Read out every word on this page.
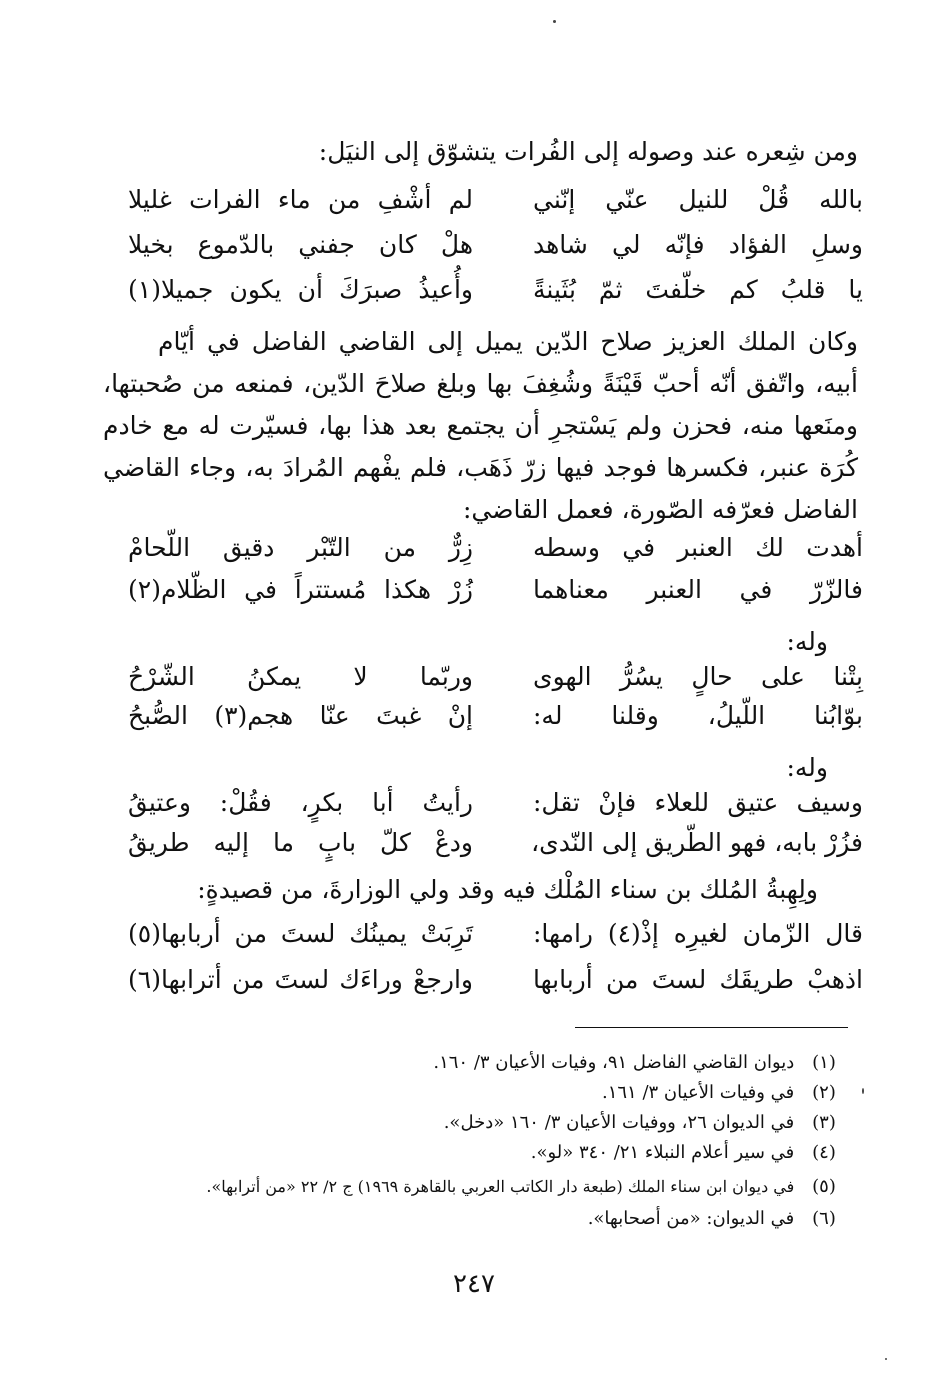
ومن شِعره عند وصوله إلى الفُرات يتشوّق إلى النيَل:
بالله قُلْ للنيل عنّي إنّني
لم أشْفِ من ماء الفرات غليلا
وسلِ الفؤاد فإنّه لي شاهد
هلْ كان جفني بالدّموع بخيلا
يا قلبُ كم خلّفتَ ثمّ بُثَينةً
وأُعيذُ صبرَكَ أن يكون جميلا(١)
وكان الملك العزيز صلاح الدّين يميل إلى القاضي الفاضل في أيّام
أبيه، واتّفق أنّه أحبّ قَيْنَةً وشُغِفَ بها وبلغ صلاحَ الدّين، فمنعه من صُحبتها،
ومنَعها منه، فحزن ولم يَسْتجرِ أن يجتمع بعد هذا بها، فسيّرت له مع خادم
كُرَة عنبر، فكسرها فوجد فيها زرّ ذَهَب، فلم يفْهم المُرادَ به، وجاء القاضي
الفاضل فعرّفه الصّورة، فعمل القاضي:
أهدت لك العنبر في وسطه
زِرٌّ من التّبْر دقيق اللّحامْ
فالزّرّ في العنبر معناهما
زُرْ هكذا مُستتراً في الظّلام(٢)
وله:
بِتْنا على حالٍ يسُرُّ الهوى
وربّما لا يمكنُ الشّرْحُ
بوّابُنا اللّيلُ، وقلنا له:
إنْ غبتَ عنّا هجم(٣) الصُّبحُ
وله:
وسيف عتيق للعلاء فإنْ تقل:
رأيتُ أبا بكرٍ، فقُلْ: وعتيقُ
فزُرْ بابه، فهو الطّريق إلى النّدى،
ودعْ كلّ بابٍ ما إليه طريقُ
ولِهِبةُ المُلك بن سناء المُلْك فيه وقد ولي الوزارةَ، من قصيدةٍ:
قال الزّمان لغيرِه إذْ(٤) رامها:
تَرِبَتْ يمينُك لستَ من أربابها(٥)
اذهبْ طريقَك لستَ من أربابها
وارجعْ وراءَك لستَ من أترابها(٦)
(١) ديوان القاضي الفاضل ٩١، وفيات الأعيان ٣/ ١٦٠.
(٢) في وفيات الأعيان ٣/ ١٦١.
(٣) في الديوان ٢٦، ووفيات الأعيان ٣/ ١٦٠ «دخل».
(٤) في سير أعلام النبلاء ٢١/ ٣٤٠ «لو».
(٥) في ديوان ابن سناء الملك (طبعة دار الكاتب العربي بالقاهرة ١٩٦٩) ج ٢/ ٢٢ «من أترابها».
(٦) في الديوان: «من أصحابها».
٢٤٧
